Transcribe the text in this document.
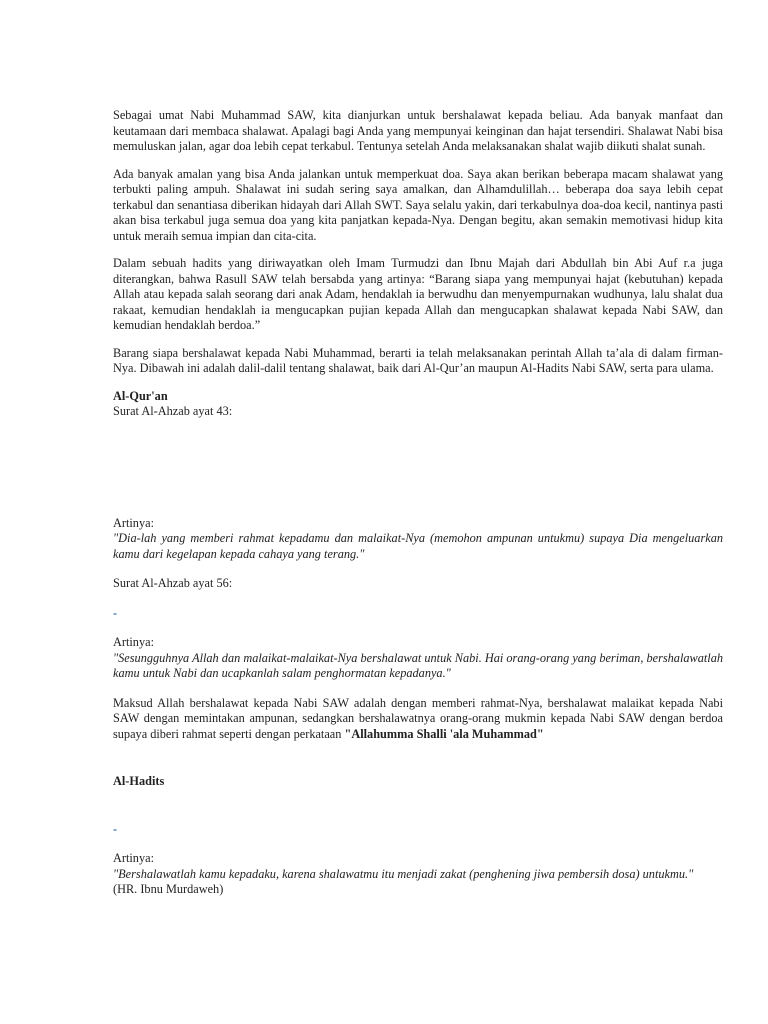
Sebagai umat Nabi Muhammad SAW, kita dianjurkan untuk bershalawat kepada beliau. Ada banyak manfaat dan keutamaan dari membaca shalawat. Apalagi bagi Anda yang mempunyai keinginan dan hajat tersendiri. Shalawat Nabi bisa memuluskan jalan, agar doa lebih cepat terkabul. Tentunya setelah Anda melaksanakan shalat wajib diikuti shalat sunah.

Ada banyak amalan yang bisa Anda jalankan untuk memperkuat doa. Saya akan berikan beberapa macam shalawat yang terbukti paling ampuh. Shalawat ini sudah sering saya amalkan, dan Alhamdulillah… beberapa doa saya lebih cepat terkabul dan senantiasa diberikan hidayah dari Allah SWT. Saya selalu yakin, dari terkabulnya doa-doa kecil, nantinya pasti akan bisa terkabul juga semua doa yang kita panjatkan kepada-Nya. Dengan begitu, akan semakin memotivasi hidup kita untuk meraih semua impian dan cita-cita.

Dalam sebuah hadits yang diriwayatkan oleh Imam Turmudzi dan Ibnu Majah dari Abdullah bin Abi Auf r.a juga diterangkan, bahwa Rasull SAW telah bersabda yang artinya: “Barang siapa yang mempunyai hajat (kebutuhan) kepada Allah atau kepada salah seorang dari anak Adam, hendaklah ia berwudhu dan menyempurnakan wudhunya, lalu shalat dua rakaat, kemudian hendaklah ia mengucapkan pujian kepada Allah dan mengucapkan shalawat kepada Nabi SAW, dan kemudian hendaklah berdoa.”

Barang siapa bershalawat kepada Nabi Muhammad, berarti ia telah melaksanakan perintah Allah ta’ala di dalam firman-Nya. Dibawah ini adalah dalil-dalil tentang shalawat, baik dari Al-Qur’an maupun Al-Hadits Nabi SAW, serta para ulama.

Al-Qur'an

Surat Al-Ahzab ayat 43:

Artinya:

"Dia-lah yang memberi rahmat kepadamu dan malaikat-Nya (memohon ampunan untukmu) supaya Dia mengeluarkan kamu dari kegelapan kepada cahaya yang terang."

Surat Al-Ahzab ayat 56:

-

Artinya:

"Sesungguhnya Allah dan malaikat-malaikat-Nya bershalawat untuk Nabi. Hai orang-orang yang beriman, bershalawatlah kamu untuk Nabi dan ucapkanlah salam penghormatan kepadanya."

Maksud Allah bershalawat kepada Nabi SAW adalah dengan memberi rahmat-Nya, bershalawat malaikat kepada Nabi SAW dengan memintakan ampunan, sedangkan bershalawatnya orang-orang mukmin kepada Nabi SAW dengan berdoa supaya diberi rahmat seperti dengan perkataan "Allahumma Shalli 'ala Muhammad"

Al-Hadits

-

Artinya:

"Bershalawatlah kamu kepadaku, karena shalawatmu itu menjadi zakat (penghening jiwa pembersih dosa) untukmu."

(HR. Ibnu Murdaweh)
